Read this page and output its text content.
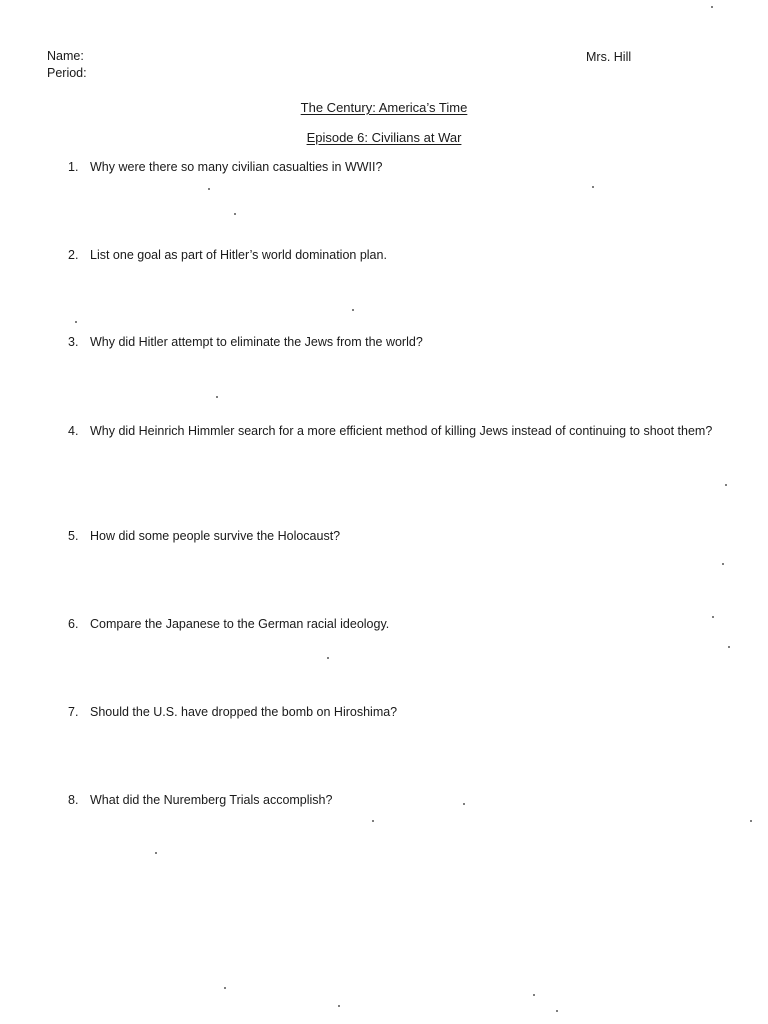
Name:
Period:
Mrs. Hill
The Century: America’s Time
Episode 6: Civilians at War
1. Why were there so many civilian casualties in WWII?
2. List one goal as part of Hitler’s world domination plan.
3. Why did Hitler attempt to eliminate the Jews from the world?
4. Why did Heinrich Himmler search for a more efficient method of killing Jews instead of continuing to shoot them?
5. How did some people survive the Holocaust?
6. Compare the Japanese to the German racial ideology.
7. Should the U.S. have dropped the bomb on Hiroshima?
8. What did the Nuremberg Trials accomplish?
